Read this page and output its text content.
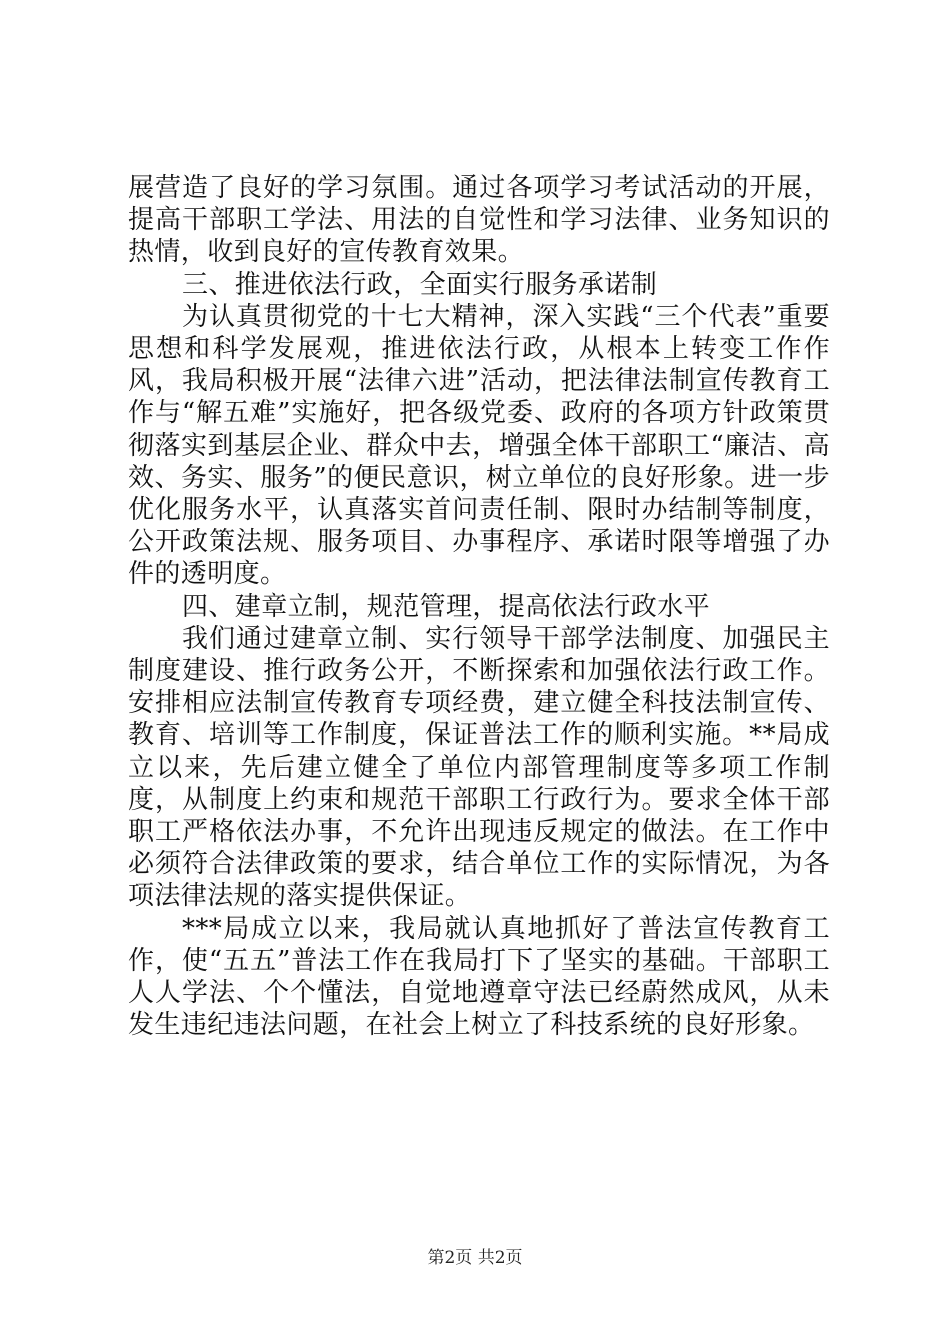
展营造了良好的学习氛围。通过各项学习考试活动的开展，提高干部职工学法、用法的自觉性和学习法律、业务知识的热情，收到良好的宣传教育效果。

三、推进依法行政，全面实行服务承诺制

为认真贯彻党的十七大精神，深入实践“三个代表”重要思想和科学发展观，推进依法行政，从根本上转变工作作风，我局积极开展“法律六进”活动，把法律法制宣传教育工作与“解五难”实施好，把各级党委、政府的各项方针政策贯彻落实到基层企业、群众中去，增强全体干部职工“廉洁、高效、务实、服务”的便民意识，树立单位的良好形象。进一步优化服务水平，认真落实首问责任制、限时办结制等制度，公开政策法规、服务项目、办事程序、承诺时限等增强了办件的透明度。

四、建章立制，规范管理，提高依法行政水平

我们通过建章立制、实行领导干部学法制度、加强民主制度建设、推行政务公开，不断探索和加强依法行政工作。安排相应法制宣传教育专项经费，建立健全科技法制宣传、教育、培训等工作制度，保证普法工作的顺利实施。**局成立以来，先后建立健全了单位内部管理制度等多项工作制度，从制度上约束和规范干部职工行政行为。要求全体干部职工严格依法办事，不允许出现违反规定的做法。在工作中必须符合法律政策的要求，结合单位工作的实际情况，为各项法律法规的落实提供保证。

***局成立以来，我局就认真地抓好了普法宣传教育工作，使“五五”普法工作在我局打下了坚实的基础。干部职工人人学法、个个懂法，自觉地遵章守法已经蔚然成风，从未发生违纪违法问题，在社会上树立了科技系统的良好形象。

第2页 共2页
